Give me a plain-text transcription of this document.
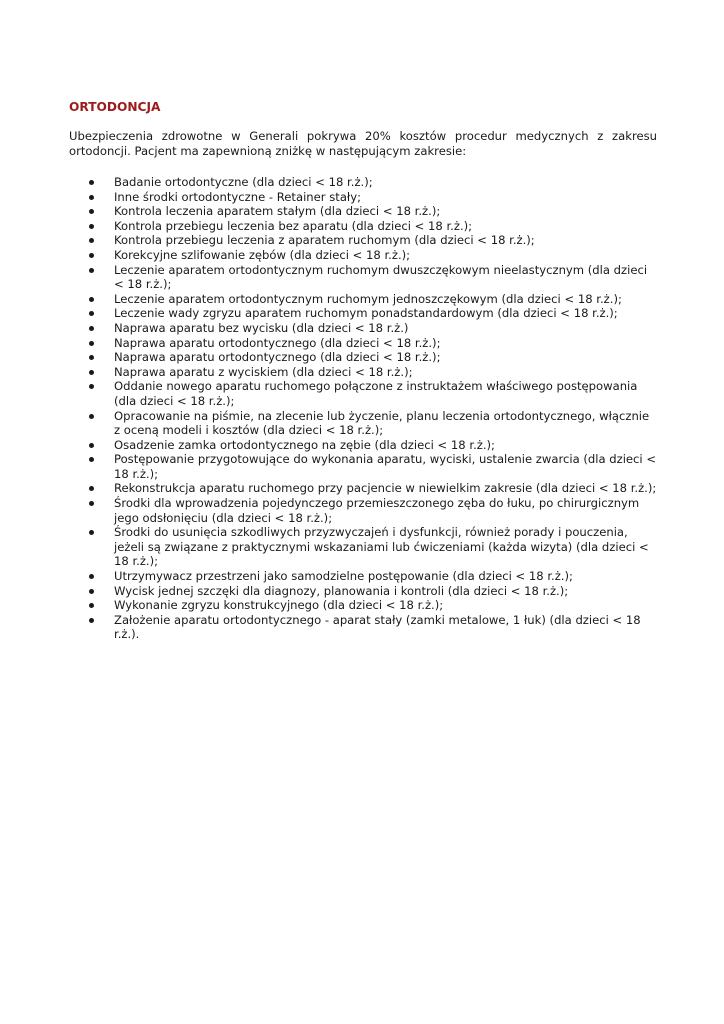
ORTODONCJA

Ubezpieczenia zdrowotne w Generali pokrywa 20% kosztów procedur medycznych z zakresu ortodoncji. Pacjent ma zapewnioną zniżkę w następującym zakresie:

Badanie ortodontyczne (dla dzieci < 18 r.ż.);
Inne środki ortodontyczne - Retainer stały;
Kontrola leczenia aparatem stałym (dla dzieci < 18 r.ż.);
Kontrola przebiegu leczenia bez aparatu (dla dzieci < 18 r.ż.);
Kontrola przebiegu leczenia z aparatem ruchomym (dla dzieci < 18 r.ż.);
Korekcyjne szlifowanie zębów (dla dzieci < 18 r.ż.);
Leczenie aparatem ortodontycznym ruchomym dwuszczękowym nieelastycznym (dla dzieci < 18 r.ż.);
Leczenie aparatem ortodontycznym ruchomym jednoszczękowym (dla dzieci < 18 r.ż.);
Leczenie wady zgryzu aparatem ruchomym ponadstandardowym (dla dzieci < 18 r.ż.);
Naprawa aparatu bez wycisku (dla dzieci < 18 r.ż.)
Naprawa aparatu ortodontycznego (dla dzieci < 18 r.ż.);
Naprawa aparatu ortodontycznego (dla dzieci < 18 r.ż.);
Naprawa aparatu z wyciskiem (dla dzieci < 18 r.ż.);
Oddanie nowego aparatu ruchomego połączone z instruktażem właściwego postępowania (dla dzieci < 18 r.ż.);
Opracowanie na piśmie, na zlecenie lub życzenie, planu leczenia ortodontycznego, włącznie z oceną modeli i kosztów (dla dzieci < 18 r.ż.);
Osadzenie zamka ortodontycznego na zębie (dla dzieci < 18 r.ż.);
Postępowanie przygotowujące do wykonania aparatu, wyciski, ustalenie zwarcia (dla dzieci < 18 r.ż.);
Rekonstrukcja aparatu ruchomego przy pacjencie w niewielkim zakresie (dla dzieci < 18 r.ż.);
Środki dla wprowadzenia pojedynczego przemieszczonego zęba do łuku, po chirurgicznym jego odsłonięciu (dla dzieci < 18 r.ż.);
Środki do usunięcia szkodliwych przyzwyczajeń i dysfunkcji, również porady i pouczenia, jeżeli są związane z praktycznymi wskazaniami lub ćwiczeniami (każda wizyta) (dla dzieci < 18 r.ż.);
Utrzymywacz przestrzeni jako samodzielne postępowanie (dla dzieci < 18 r.ż.);
Wycisk jednej szczęki dla diagnozy, planowania i kontroli (dla dzieci < 18 r.ż.);
Wykonanie zgryzu konstrukcyjnego (dla dzieci < 18 r.ż.);
Założenie aparatu ortodontycznego - aparat stały (zamki metalowe, 1 łuk) (dla dzieci < 18 r.ż.).
